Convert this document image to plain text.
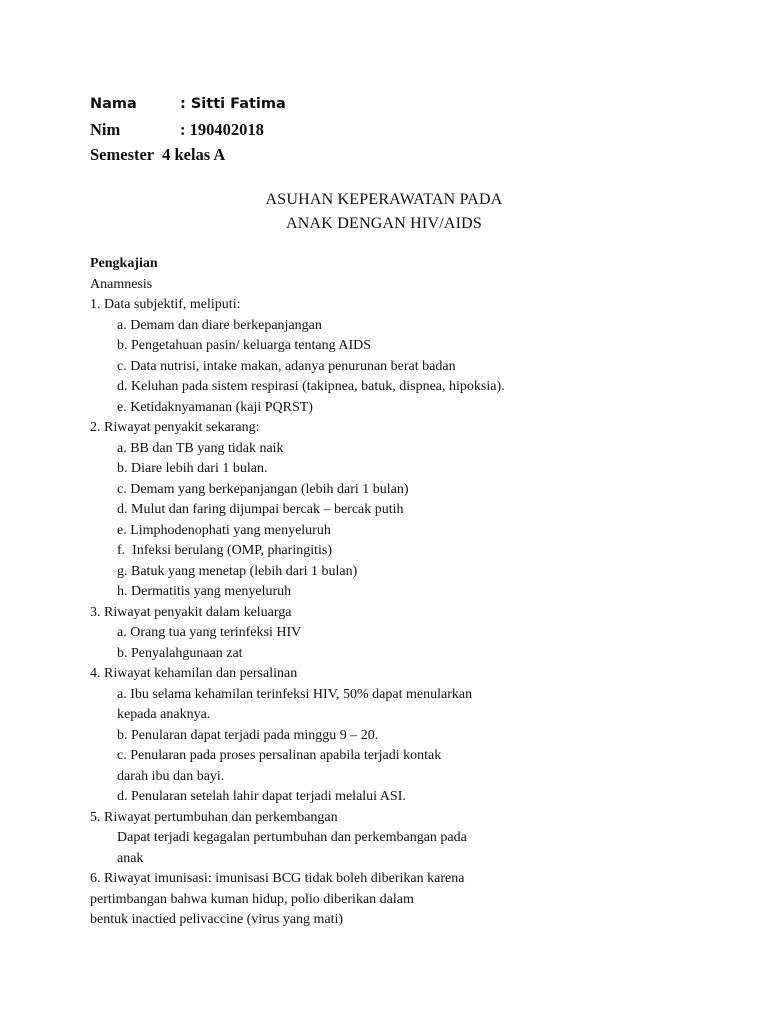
Nama	: Sitti Fatima
Nim	: 190402018
Semester  4 kelas A
ASUHAN KEPERAWATAN PADA
ANAK DENGAN HIV/AIDS
Pengkajian
Anamnesis
1. Data subjektif, meliputi:
a. Demam dan diare berkepanjangan
b. Pengetahuan pasin/ keluarga tentang AIDS
c. Data nutrisi, intake makan, adanya penurunan berat badan
d. Keluhan pada sistem respirasi (takipnea, batuk, dispnea, hipoksia).
e. Ketidaknyamanan (kaji PQRST)
2. Riwayat penyakit sekarang:
a. BB dan TB yang tidak naik
b. Diare lebih dari 1 bulan.
c. Demam yang berkepanjangan (lebih dari 1 bulan)
d. Mulut dan faring dijumpai bercak – bercak putih
e. Limphodenophati yang menyeluruh
f.  Infeksi berulang (OMP, pharingitis)
g. Batuk yang menetap (lebih dari 1 bulan)
h. Dermatitis yang menyeluruh
3. Riwayat penyakit dalam keluarga
a. Orang tua yang terinfeksi HIV
b. Penyalahgunaan zat
4. Riwayat kehamilan dan persalinan
a. Ibu selama kehamilan terinfeksi HIV, 50% dapat menularkan
kepada anaknya.
b. Penularan dapat terjadi pada minggu 9 – 20.
c. Penularan pada proses persalinan apabila terjadi kontak
darah ibu dan bayi.
d. Penularan setelah lahir dapat terjadi melalui ASI.
5. Riwayat pertumbuhan dan perkembangan
Dapat terjadi kegagalan pertumbuhan dan perkembangan pada
anak
6. Riwayat imunisasi: imunisasi BCG tidak boleh diberikan karena
pertimbangan bahwa kuman hidup, polio diberikan dalam
bentuk inactied pelivaccine (virus yang mati)
